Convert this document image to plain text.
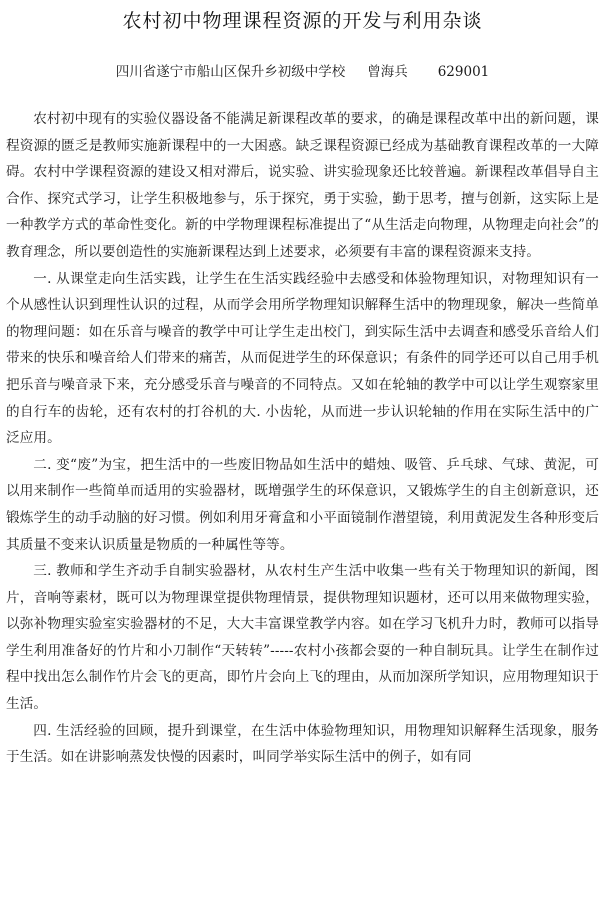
农村初中物理课程资源的开发与利用杂谈
四川省遂宁市船山区保升乡初级中学校 曾海兵 629001

农村初中现有的实验仪器设备不能满足新课程改革的要求，的确是课程改革中出的新问题，课程资源的匮乏是教师实施新课程中的一大困惑。缺乏课程资源已经成为基础教育课程改革的一大障碍。农村中学课程资源的建设又相对滞后，说实验、讲实验现象还比较普遍。新课程改革倡导自主合作、探究式学习，让学生积极地参与，乐于探究，勇于实验，勤于思考，擅与创新，这实际上是一种教学方式的革命性变化。新的中学物理课程标准提出了“从生活走向物理，从物理走向社会”的教育理念，所以要创造性的实施新课程达到上述要求，必须要有丰富的课程资源来支持。

一. 从课堂走向生活实践，让学生在生活实践经验中去感受和体验物理知识，对物理知识有一个从感性认识到理性认识的过程，从而学会用所学物理知识解释生活中的物理现象，解决一些简单的物理问题：如在乐音与噪音的教学中可让学生走出校门，到实际生活中去调查和感受乐音给人们带来的快乐和噪音给人们带来的痛苦，从而促进学生的环保意识；有条件的同学还可以自己用手机把乐音与噪音录下来，充分感受乐音与噪音的不同特点。又如在轮轴的教学中可以让学生观察家里的自行车的齿轮，还有农村的打谷机的大. 小齿轮，从而进一步认识轮轴的作用在实际生活中的广泛应用。

二. 变“废”为宝，把生活中的一些废旧物品如生活中的蜡烛、吸管、乒乓球、气球、黄泥，可以用来制作一些简单而适用的实验器材，既增强学生的环保意识，又锻炼学生的自主创新意识，还锻炼学生的动手动脑的好习惯。例如利用牙膏盒和小平面镜制作潜望镜，利用黄泥发生各种形变后其质量不变来认识质量是物质的一种属性等等。

三. 教师和学生齐动手自制实验器材，从农村生产生活中收集一些有关于物理知识的新闻，图片，音响等素材，既可以为物理课堂提供物理情景，提供物理知识题材，还可以用来做物理实验，以弥补物理实验室实验器材的不足，大大丰富课堂教学内容。如在学习飞机升力时，教师可以指导学生利用准备好的竹片和小刀制作“天转转”-----农村小孩都会耍的一种自制玩具。让学生在制作过程中找出怎么制作竹片会飞的更高，即竹片会向上飞的理由，从而加深所学知识，应用物理知识于生活。

四. 生活经验的回顾，提升到课堂，在生活中体验物理知识，用物理知识解释生活现象，服务于生活。如在讲影响蒸发快慢的因素时，叫同学举实际生活中的例子，如有同
